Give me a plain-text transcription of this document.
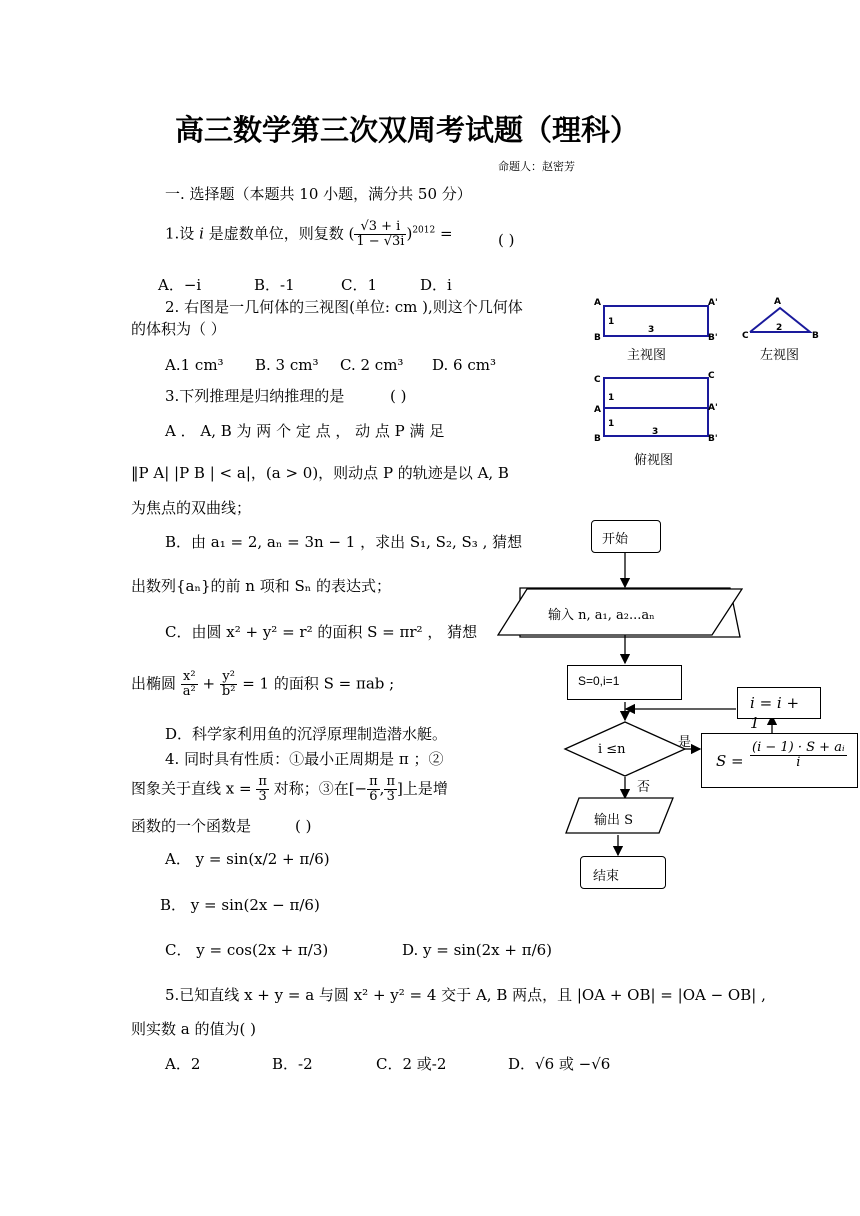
高三数学第三次双周考试题（理科）
命题人：赵密芳
一. 选择题（本题共 10 小题，满分共 50 分）
1.设 i 是虚数单位，则复数 ( $\frac{√3 + i}{1 - √3i} )^{2012}$ =	( )
A．−i	B．-1	C．1	D．i
2. 右图是一几何体的三视图(单位: cm ),则这个几何体
的体积为（ ）
A.1 cm³ B. 3 cm³ C. 2 cm³ D. 6 cm³
3.下列推理是归纳推理的是	( )
A ． A, B 为 两 个 定 点 ， 动 点 P 满 足
‖P A| |P B | < a|，(a > 0)，则动点 P 的轨迹是以 A, B
为焦点的双曲线；
B．由 a₁ = 2, aₙ = 3n − 1 ，求出 S₁, S₂, S₃ , 猜想
出数列{aₙ}的前 n 项和 Sₙ 的表达式；
C．由圆 x² + y² = r² 的面积 S = πr² ， 猜想
出椭圆 $\frac{\text{x²}}{\text{a²}} + \frac{\text{y²}}{\text{b²}} = 1$ 的面积 S = πab ;
D．科学家利用鱼的沉浮原理制造潜水艇。
4. 同时具有性质：①最小正周期是 π ；②
图象关于直线 $x = \frac{\pi}{3}$ 对称；③在[− $\frac{\pi}{6}$ , $\frac{\pi}{3}$ ]上是增
函数的一个函数是	( )
A． y = sin(x/2 + π/6)
B． y = sin(2x − π/6)
C． y = cos(2x + π/3)	D. y = sin(2x + π/6)
5.已知直线 x + y = a 与圆 x² + y² = 4 交于 A, B 两点，且 |OA + OB| = |OA − OB| ,
则实数 a 的值为( )
A．2	B．-2	C．2 或-2	D．√6 或 −√6
A	A'
B	B'
1
3
A
C	B
2
C	C
A	A'
B	B'
1
1
3
主视图	左视图
俯视图
开始
输入 n, a₁, a₂...aₙ
S=0,i=1
i ≤n	是
否
i = i + 1
$S = \frac{\text{(i − 1) · S + aᵢ}}{i}$
输出 S
结束
